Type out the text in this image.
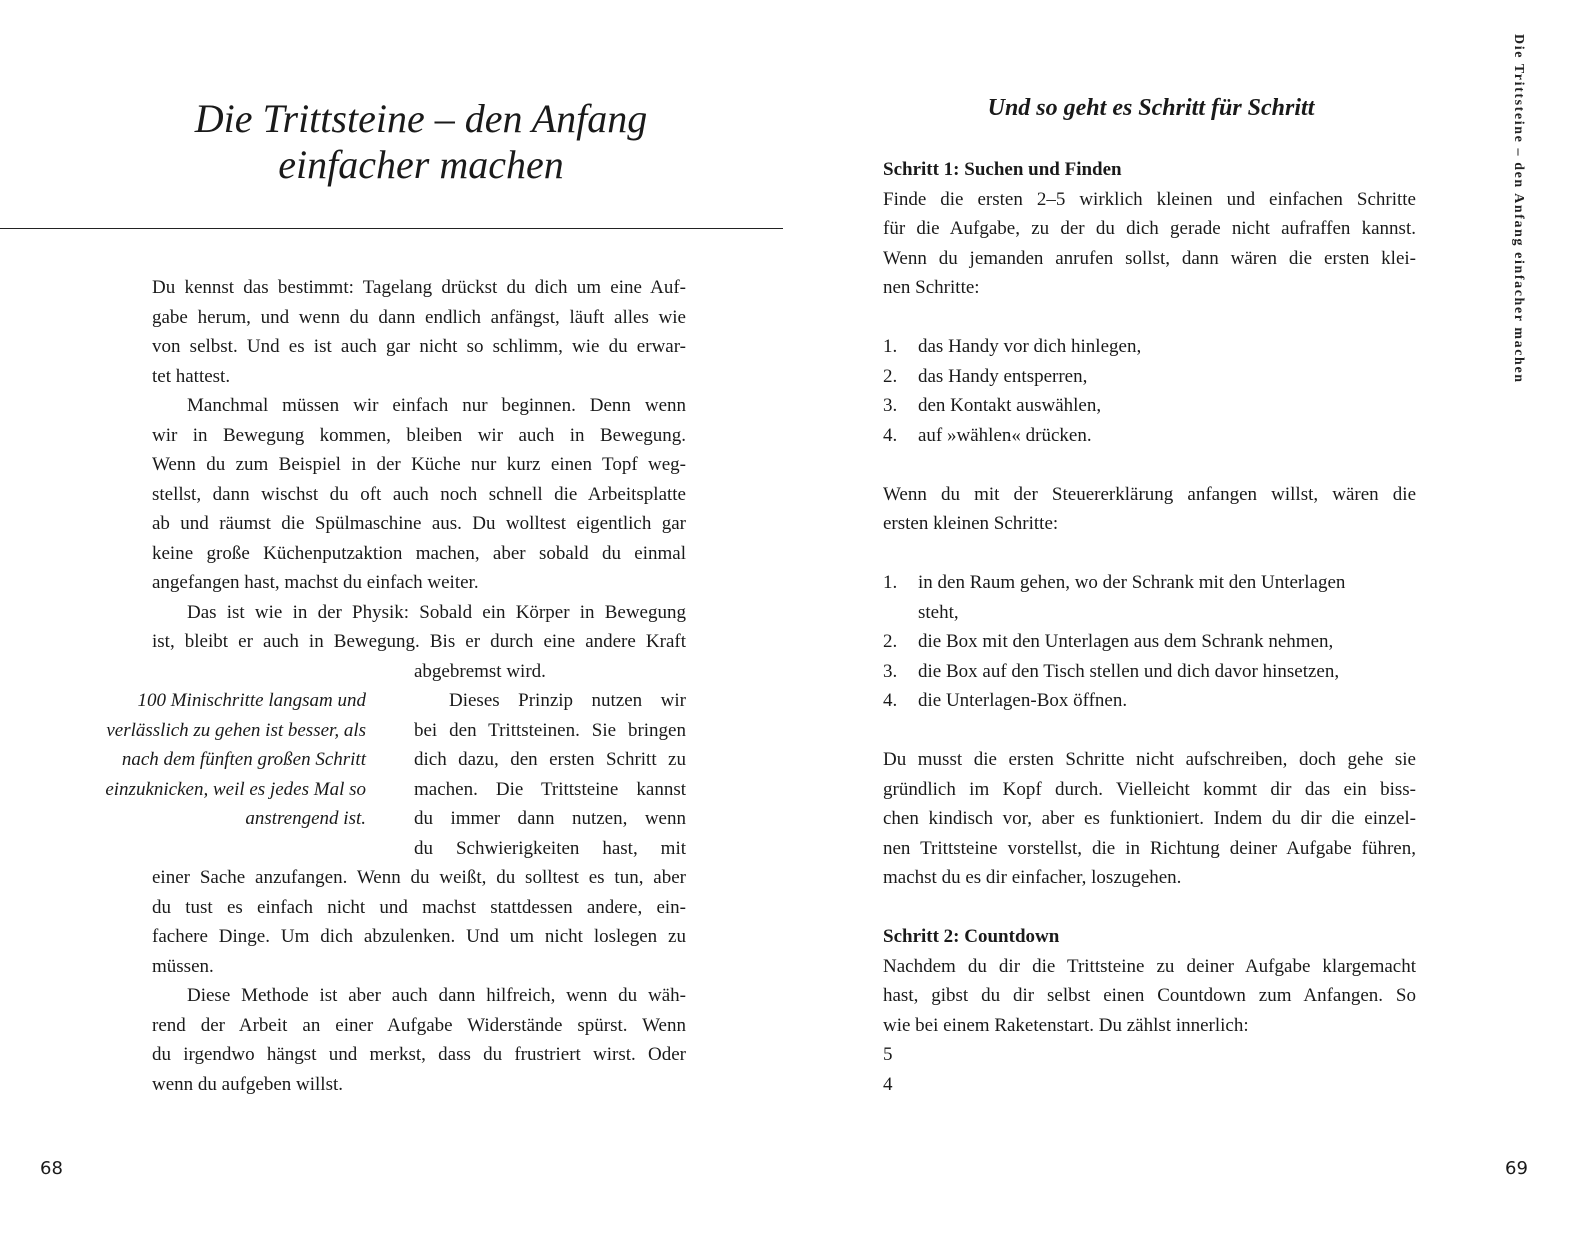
Die Trittsteine – den Anfang
einfacher machen
Du kennst das bestimmt: Tagelang drückst du dich um eine Auf-
gabe herum, und wenn du dann endlich anfängst, läuft alles wie
von selbst. Und es ist auch gar nicht so schlimm, wie du erwar-
tet hattest.
Manchmal müssen wir einfach nur beginnen. Denn wenn
wir in Bewegung kommen, bleiben wir auch in Bewegung.
Wenn du zum Beispiel in der Küche nur kurz einen Topf weg-
stellst, dann wischst du oft auch noch schnell die Arbeitsplatte
ab und räumst die Spülmaschine aus. Du wolltest eigentlich gar
keine große Küchenputzaktion machen, aber sobald du einmal
angefangen hast, machst du einfach weiter.
Das ist wie in der Physik: Sobald ein Körper in Bewegung
ist, bleibt er auch in Bewegung. Bis er durch eine andere Kraft
abgebremst wird.
Dieses Prinzip nutzen wir
bei den Trittsteinen. Sie bringen
dich dazu, den ersten Schritt zu
machen. Die Trittsteine kannst
du immer dann nutzen, wenn
du Schwierigkeiten hast, mit
einer Sache anzufangen. Wenn du weißt, du solltest es tun, aber
du tust es einfach nicht und machst stattdessen andere, ein-
fachere Dinge. Um dich abzulenken. Und um nicht loslegen zu
müssen.
Diese Methode ist aber auch dann hilfreich, wenn du wäh-
rend der Arbeit an einer Aufgabe Widerstände spürst. Wenn
du irgendwo hängst und merkst, dass du frustriert wirst. Oder
wenn du aufgeben willst.
100 Minischritte langsam und
verlässlich zu gehen ist besser, als
nach dem fünften großen Schritt
einzuknicken, weil es jedes Mal so
anstrengend ist.
68
Und so geht es Schritt für Schritt
Schritt 1: Suchen und Finden
Finde die ersten 2–5 wirklich kleinen und einfachen Schritte
für die Aufgabe, zu der du dich gerade nicht aufraffen kannst.
Wenn du jemanden anrufen sollst, dann wären die ersten klei-
nen Schritte:
1.	das Handy vor dich hinlegen,
2.	das Handy entsperren,
3.	den Kontakt auswählen,
4.	auf »wählen« drücken.
Wenn du mit der Steuererklärung anfangen willst, wären die
ersten kleinen Schritte:
1.	in den Raum gehen, wo der Schrank mit den Unterlagen
steht,
2.	die Box mit den Unterlagen aus dem Schrank nehmen,
3.	die Box auf den Tisch stellen und dich davor hinsetzen,
4.	die Unterlagen-Box öffnen.
Du musst die ersten Schritte nicht aufschreiben, doch gehe sie
gründlich im Kopf durch. Vielleicht kommt dir das ein biss-
chen kindisch vor, aber es funktioniert. Indem du dir die einzel-
nen Trittsteine vorstellst, die in Richtung deiner Aufgabe führen,
machst du es dir einfacher, loszugehen.
Schritt 2: Countdown
Nachdem du dir die Trittsteine zu deiner Aufgabe klargemacht
hast, gibst du dir selbst einen Countdown zum Anfangen. So
wie bei einem Raketenstart. Du zählst innerlich:
5
4
Die Trittsteine – den Anfang einfacher machen
69
